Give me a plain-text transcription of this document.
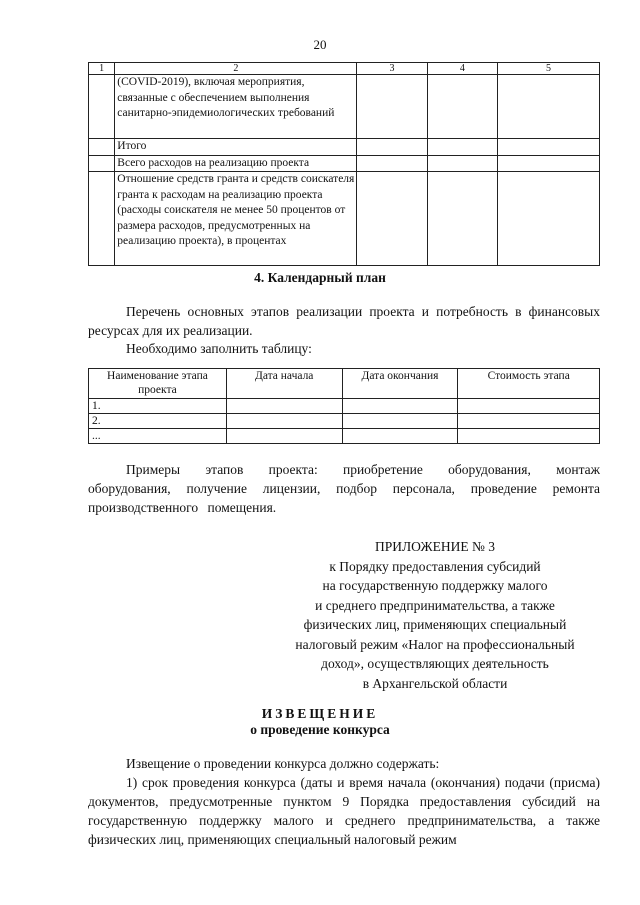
20
1	2	3	4	5
	(COVID-2019), включая мероприятия, связанные с обеспечением выполнения санитарно-эпидемиологических требований			
	Итого			
	Всего расходов на реализацию проекта			
	Отношение средств гранта и средств соискателя гранта к расходам на реализацию проекта (расходы соискателя не менее 50 процентов от размера расходов, предусмотренных на реализацию проекта), в процентах			
4. Календарный план
Перечень основных этапов реализации проекта и потребность в финансовых ресурсах для их реализации.
Необходимо заполнить таблицу:
Наименование этапа проекта	Дата начала	Дата окончания	Стоимость этапа
1.			
2.			
...			
Примеры этапов проекта: приобретение оборудования, монтаж оборудования, получение лицензии, подбор персонала, проведение ремонта производственного помещения.
ПРИЛОЖЕНИЕ № 3
к Порядку предоставления субсидий
на государственную поддержку малого
и среднего предпринимательства, а также
физических лиц, применяющих специальный
налоговый режим «Налог на профессиональный
доход», осуществляющих деятельность
в Архангельской области
ИЗВЕЩЕНИЕ
о проведение конкурса
Извещение о проведении конкурса должно содержать:
1) срок проведения конкурса (даты и время начала (окончания) подачи (присма) документов, предусмотренные пунктом 9 Порядка предоставления субсидий на государственную поддержку малого и среднего предпринимательства, а также физических лиц, применяющих специальный налоговый режим
